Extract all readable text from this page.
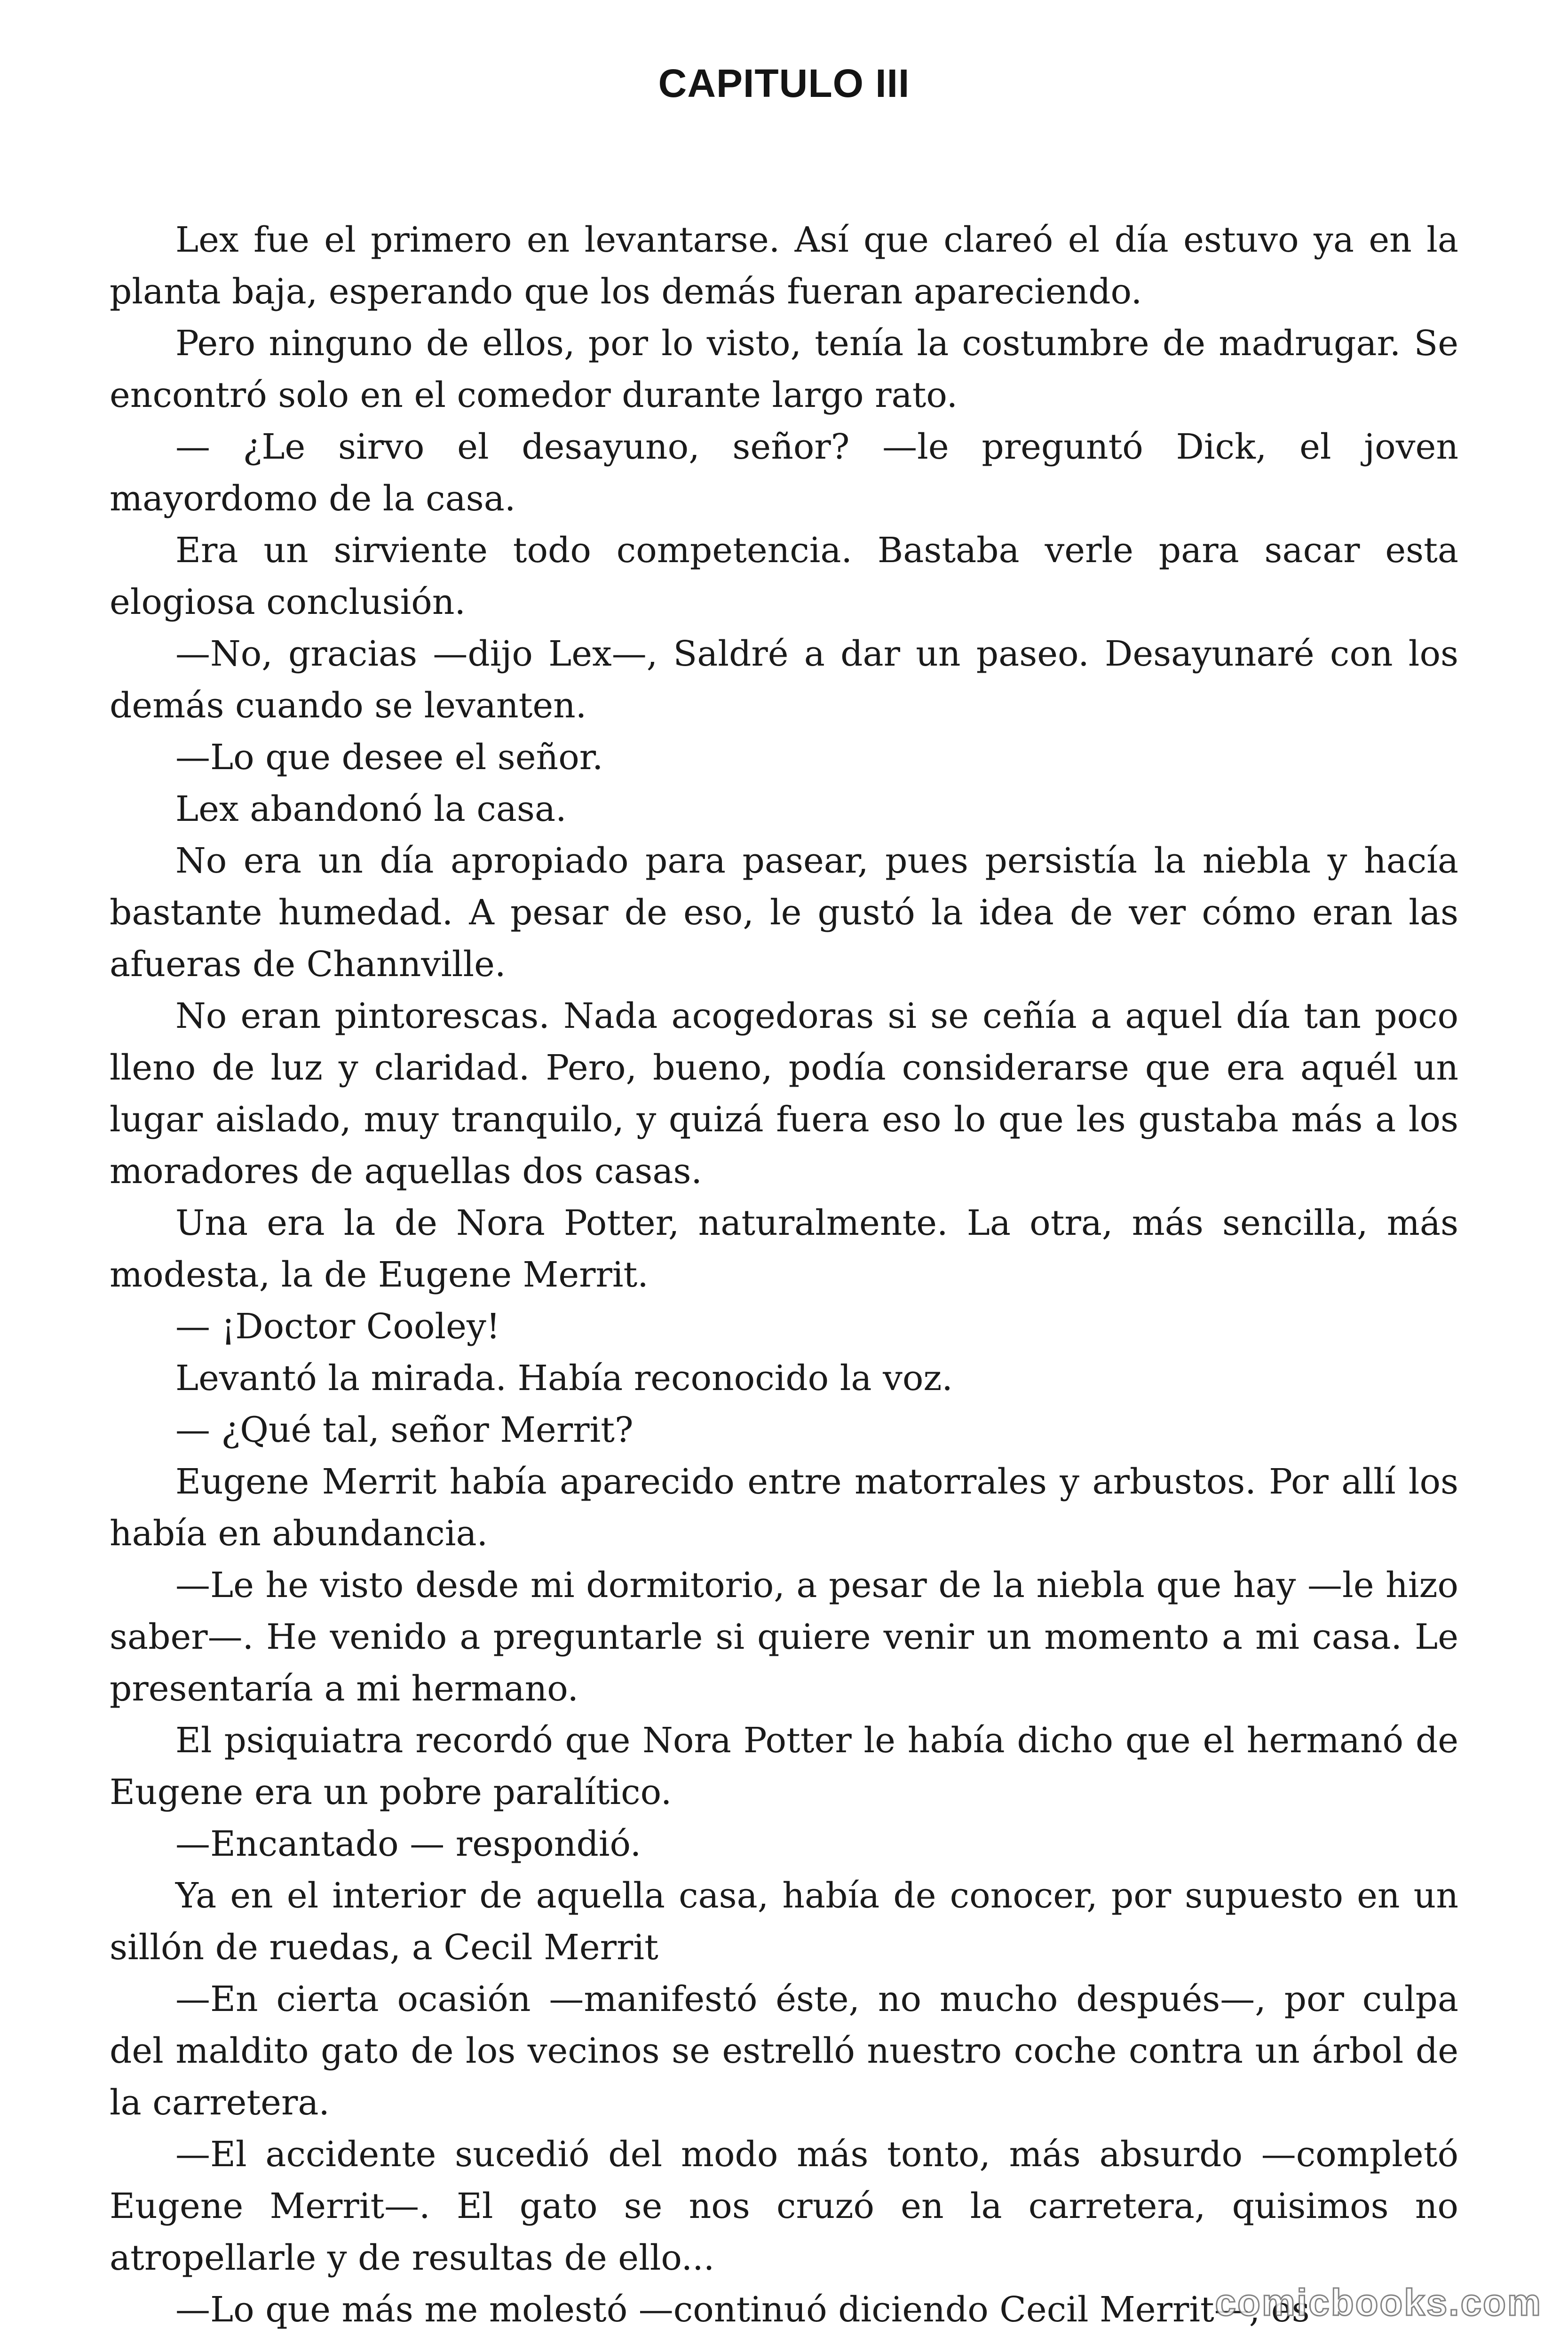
CAPITULO III

Lex fue el primero en levantarse. Así que clareó el día estuvo ya en la planta baja, esperando que los demás fueran apareciendo.

Pero ninguno de ellos, por lo visto, tenía la costumbre de madrugar. Se encontró solo en el comedor durante largo rato.

— ¿Le sirvo el desayuno, señor? —le preguntó Dick, el joven mayordomo de la casa.

Era un sirviente todo competencia. Bastaba verle para sacar esta elogiosa conclusión.

—No, gracias —dijo Lex—, Saldré a dar un paseo. Desayunaré con los demás cuando se levanten.

—Lo que desee el señor.

Lex abandonó la casa.

No era un día apropiado para pasear, pues persistía la niebla y hacía bastante humedad. A pesar de eso, le gustó la idea de ver cómo eran las afueras de Channville.

No eran pintorescas. Nada acogedoras si se ceñía a aquel día tan poco lleno de luz y claridad. Pero, bueno, podía considerarse que era aquél un lugar aislado, muy tranquilo, y quizá fuera eso lo que les gustaba más a los moradores de aquellas dos casas.

Una era la de Nora Potter, naturalmente. La otra, más sencilla, más modesta, la de Eugene Merrit.

— ¡Doctor Cooley!

Levantó la mirada. Había reconocido la voz.

— ¿Qué tal, señor Merrit?

Eugene Merrit había aparecido entre matorrales y arbustos. Por allí los había en abundancia.

—Le he visto desde mi dormitorio, a pesar de la niebla que hay —le hizo saber—. He venido a preguntarle si quiere venir un momento a mi casa. Le presentaría a mi hermano.

El psiquiatra recordó que Nora Potter le había dicho que el hermanó de Eugene era un pobre paralítico.

—Encantado — respondió.

Ya en el interior de aquella casa, había de conocer, por supuesto en un sillón de ruedas, a Cecil Merrit

—En cierta ocasión —manifestó éste, no mucho después—, por culpa del maldito gato de los vecinos se estrelló nuestro coche contra un árbol de la carretera.

—El accidente sucedió del modo más tonto, más absurdo —completó Eugene Merrit—. El gato se nos cruzó en la carretera, quisimos no atropellarle y de resultas de ello...

—Lo que más me molestó —continuó diciendo Cecil Merrit—, es

comicbooks.com
